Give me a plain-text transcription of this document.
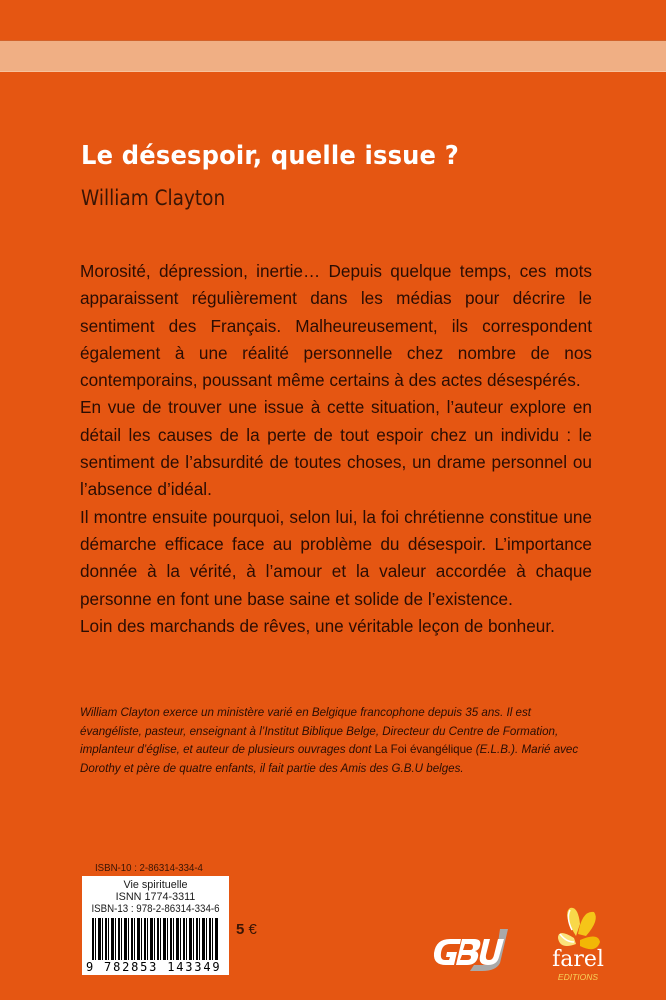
Le désespoir, quelle issue ?
William Clayton

Morosité, dépression, inertie… Depuis quelque temps, ces mots apparaissent régulièrement dans les médias pour décrire le sentiment des Français. Malheureusement, ils correspondent également à une réalité personnelle chez nombre de nos contemporains, poussant même certains à des actes désespérés.

En vue de trouver une issue à cette situation, l’auteur explore en détail les causes de la perte de tout espoir chez un individu : le sentiment de l’absurdité de toutes choses, un drame personnel ou l’absence d’idéal.

Il montre ensuite pourquoi, selon lui, la foi chrétienne constitue une démarche efficace face au problème du désespoir. L’importance donnée à la vérité, à l’amour et la valeur accordée à chaque personne en font une base saine et solide de l’existence.

Loin des marchands de rêves, une véritable leçon de bonheur.

William Clayton exerce un ministère varié en Belgique francophone depuis 35 ans. Il est évangéliste, pasteur, enseignant à l’Institut Biblique Belge, Directeur du Centre de Formation, implanteur d’église, et auteur de plusieurs ouvrages dont La Foi évangélique (E.L.B.). Marié avec Dorothy et père de quatre enfants, il fait partie des Amis des G.B.U belges.
ISBN-10 : 2-86314-334-4
Vie spirituelle
ISNN 1774-3311
ISBN-13 : 978-2-86314-334-6
9 782853 143349
5 €
farel
EDITIONS
